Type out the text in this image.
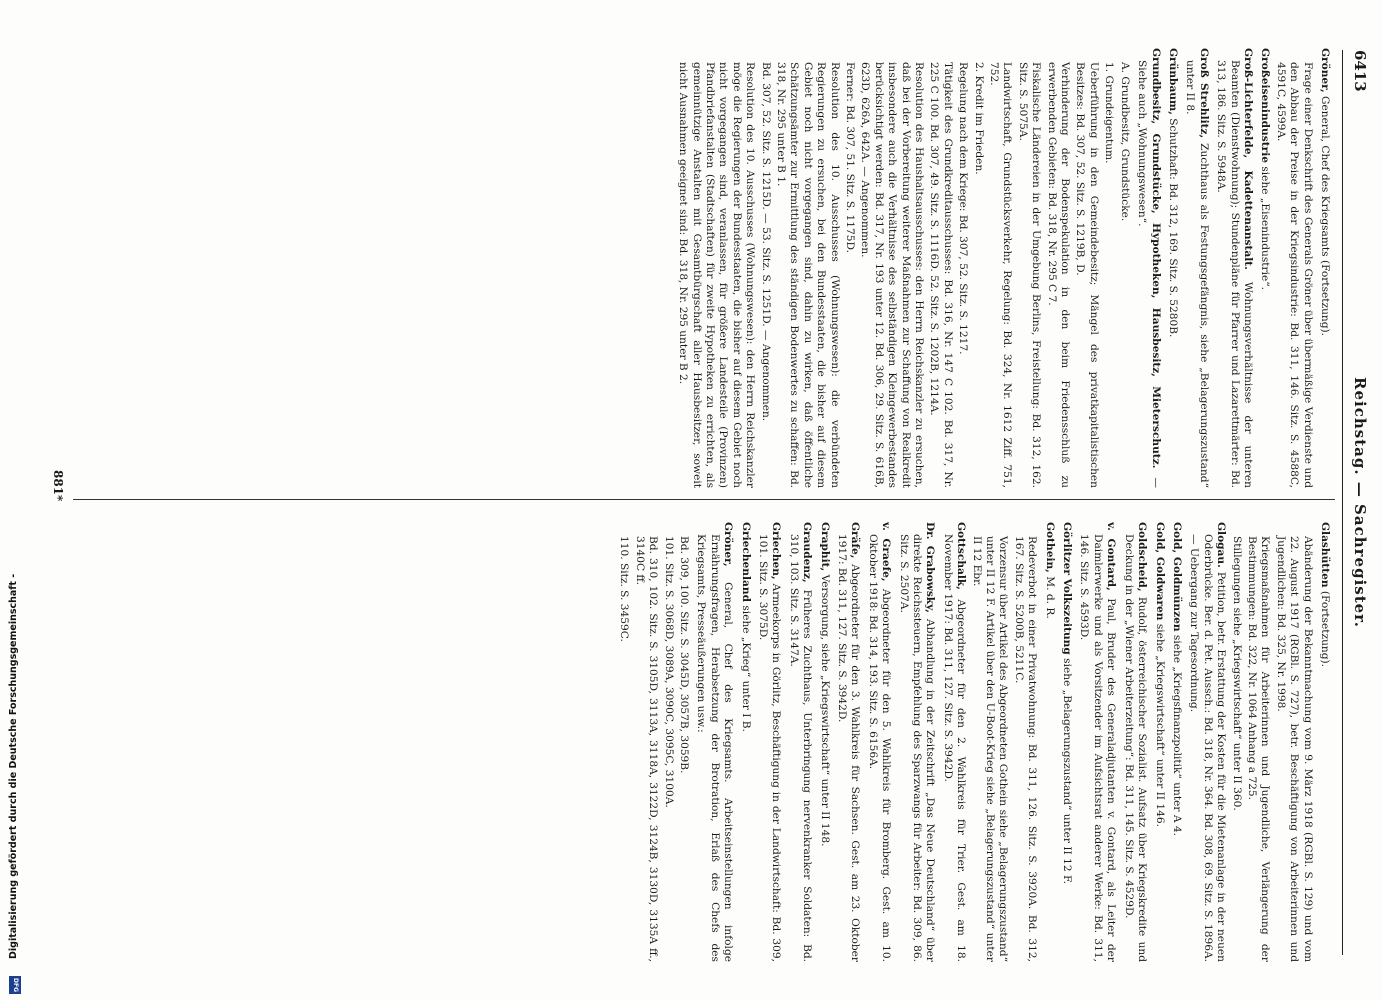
6413
Reichstag. — Sachregister.
Gröner, General, Chef des Kriegsamts (Fortsetzung).
Frage einer Denkschrift des Generals Gröner über übermäßige Verdienste und den Abbau der Preise in der Kriegsindustrie: Bd. 311, 146. Sitz. S. 4588C, 4591C, 4599A.
Großeisenindustrie siehe „Eisenindustrie“.
Groß-Lichterfelde, Kadettenanstalt. Wohnungsverhältnisse der unteren Beamten (Dienstwohnung); Stundenpläne für Pfarrer und Lazarettmärter: Bd. 313, 186. Sitz. S. 5948A.
Groß Strehlitz, Zuchthaus als Festungsgefängnis, siehe „Belagerungszustand“ unter II 8.
Grünbaum, Schutzhaft: Bd. 312, 169. Sitz. S. 5280B.
Grundbesitz, Grundstücke, Hypotheken, Hausbesitz, Mieterschutz. — Siehe auch „Wohnungswesen“.
A. Grundbesitz, Grundstücke.
1. Grundeigentum.
Ueberführung in den Gemeindebesitz; Mängel des privatkapitalistischen Besitzes: Bd. 307, 52. Sitz. S. 1219B, D.
Verhinderung der Bodenspekulation in den beim Friedensschluß zu erwerbenden Gebieten: Bd. 318, Nr. 295 C 7.
Fiskalische Ländereien in der Umgebung Berlins, Freistellung: Bd. 312, 162. Sitz. S. 5075A.
Landwirtschaft, Grundstücksverkehr, Regelung: Bd. 324, Nr. 1612 Ziff. 751, 752.
2. Kredit im Frieden.
Regelung nach dem Kriege: Bd. 307, 52. Sitz. S. 1217.
Tätigkeit des Grundkreditausschusses: Bd. 316, Nr. 147 C 102. Bd. 317, Nr. 225 C 100. Bd. 307, 49. Sitz. S. 1116D. 52. Sitz. S. 1202B, 1214A.
Resolution des Haushaltsausschusses: den Herrn Reichskanzler zu ersuchen, daß bei der Vorbereitung weiterer Maßnahmen zur Schaffung von Realkredit insbesondere auch die Verhältnisse des selbständigen Kleingewerbestandes berücksichtigt werden: Bd. 317, Nr. 193 unter 12. Bd. 306, 29. Sitz. S. 616B, 623D, 626A, 642A. — Angenommen.
Ferner: Bd. 307, 51. Sitz. S. 1175D.
Resolution des 10. Ausschusses (Wohnungswesen): die verbündeten Regierungen zu ersuchen, bei den Bundesstaaten, die bisher auf diesem Gebiet noch nicht vorgegangen sind, dahin zu wirken, daß öffentliche Schätzungsämter zur Ermittlung des ständigen Bodenwertes zu schaffen: Bd. 318, Nr. 295 unter B 1.
Bd. 307, 52. Sitz. S. 1215D. — 53. Sitz. S. 1251D. — Angenommen.
Resolution des 10. Ausschusses (Wohnungswesen): den Herrn Reichskanzler möge die Regierungen der Bundesstaaten, die bisher auf diesem Gebiet noch nicht vorgegangen sind, veranlassen, für größere Landesteile (Provinzen) Pfandbriefanstalten (Stadtschaften) für zweite Hypotheken zu errichten, als gemeinnützige Anstalten mit Gesamtbürgschaft aller Hausbesitzer, soweit nicht Ausnahmen geeignet sind: Bd. 318, Nr. 295 unter B 2.
Glashütten (Fortsetzung).
Abänderung der Bekanntmachung vom 9. März 1918 (RGBl. S. 129) und vom 22. August 1917 (RGBl. S. 727), betr. Beschäftigung von Arbeiterinnen und Jugendlichen: Bd. 325, Nr. 1998.
Kriegsmaßnahmen für Arbeiterinnen und Jugendliche, Verlängerung der Bestimmungen: Bd. 322, Nr. 1064 Anhang a 725.
Stillegungen siehe „Kriegswirtschaft“ unter II 360.
Glogau. Petition, betr. Erstattung der Kosten für die Mietenanlage in der neuen Oderbrücke. Ber. d. Pet. Aussch.: Bd. 318, Nr. 364. Bd. 308, 69. Sitz. S. 1896A. — Uebergang zur Tagesordnung.
Gold, Goldmünzen siehe „Kriegsfinanzpolitik“ unter A 4.
Gold, Goldwaren siehe „Kriegswirtschaft“ unter II 146.
Goldscheid, Rudolf, österreichischer Sozialist. Aufsatz über Kriegskredite und Deckung in der „Wiener Arbeiterzeitung“: Bd. 311, 145. Sitz. S. 4529D.
v. Gontard, Paul, Bruder des Generaladjutanten v. Gontard, als Leiter der Daimlerwerke und als Vorsitzender im Aufsichtsrat anderer Werke: Bd. 311, 146. Sitz. S. 4593D.
Görlitzer Volkszeitung siehe „Belagerungszustand“ unter II 12 F.
Gothein, M. d. R.
Redeverbot in einer Privatwohnung: Bd. 311, 126. Sitz. S. 3920A. Bd. 312, 167. Sitz. S. 5200B, 5211C.
Vorzensur über Artikel des Abgeordneten Gothein siehe „Belagerungszustand“ unter II 12 F. Artikel über den U-Boot-Krieg siehe „Belagerungszustand“ unter II 12 Ebr.
Gottschalk, Abgeordneter für den 2. Wahlkreis für Trier. Gest. am 18. November 1917: Bd. 311, 127. Sitz. S. 3942D.
Dr. Grabowsky, Abhandlung in der Zeitschrift „Das Neue Deutschland“ über direkte Reichssteuern, Empfehlung des Sparzwangs für Arbeiter: Bd. 309, 86. Sitz. S. 2507A.
v. Graefe, Abgeordneter für den 5. Wahlkreis für Bromberg. Gest. am 10. Oktober 1918: Bd. 314, 193. Sitz. S. 6156A.
Gräfe, Abgeordneter für den 3. Wahlkreis für Sachsen. Gest. am 23. Oktober 1917: Bd. 311, 127. Sitz. S. 3942D.
Graphit, Versorgung, siehe „Kriegswirtschaft“ unter II 148.
Graudenz, Früheres Zuchthaus, Unterbringung nervenkranker Soldaten: Bd. 310, 103. Sitz. S. 3147A.
Griechen, Armeekorps in Görlitz, Beschäftigung in der Landwirtschaft: Bd. 309, 101. Sitz. S. 3075D.
Griechenland siehe „Krieg“ unter I B.
Gröner, General, Chef des Kriegsamts. Arbeitseinstellungen infolge Ernährungsfragen, Herabsetzung der Brotration, Erlaß des Chefs des Kriegsamts, Presseäußerungen usw.:
Bd. 309, 100. Sitz. S. 3045D, 3057B, 3059B.
101. Sitz. S. 3068D, 3089A, 3090C, 3095C, 3100A.
Bd. 310, 102. Sitz. S. 3105D, 3113A, 3118A, 3122D, 3124B, 3130D, 3135A ff., 3140C ff.
110. Sitz. S. 3459C.
881*
Digitalisierung gefördert durch die Deutsche Forschungsgemeinschaft -
DFG
